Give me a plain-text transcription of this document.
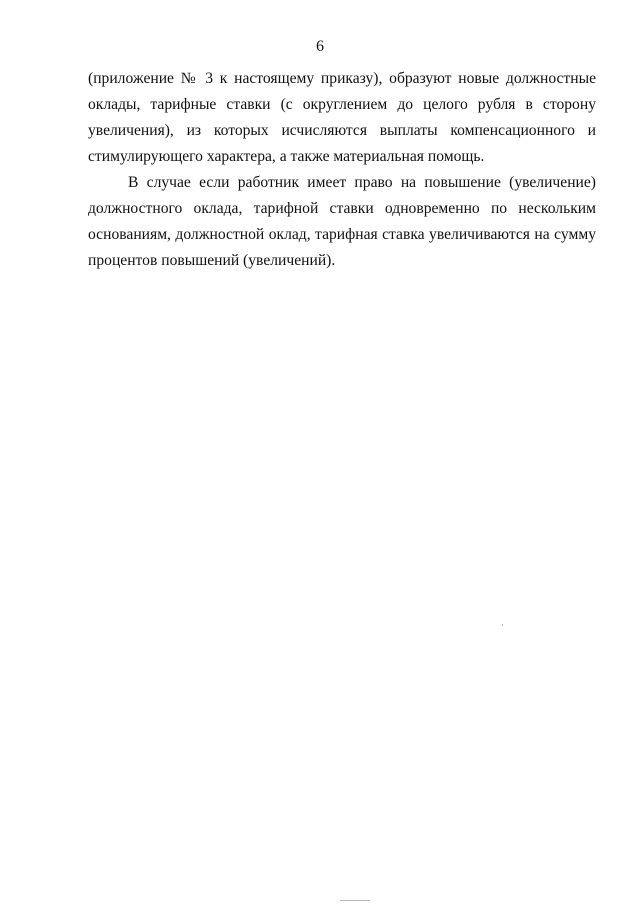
6

(приложение № 3 к настоящему приказу), образуют новые должностные
оклады, тарифные ставки (с округлением до целого рубля в сторону
увеличения), из которых исчисляются выплаты компенсационного и
стимулирующего характера, а также материальная помощь.

В случае если работник имеет право на повышение (увеличение)
должностного оклада, тарифной ставки одновременно по нескольким
основаниям, должностной оклад, тарифная ставка увеличиваются на сумму
процентов повышений (увеличений).
